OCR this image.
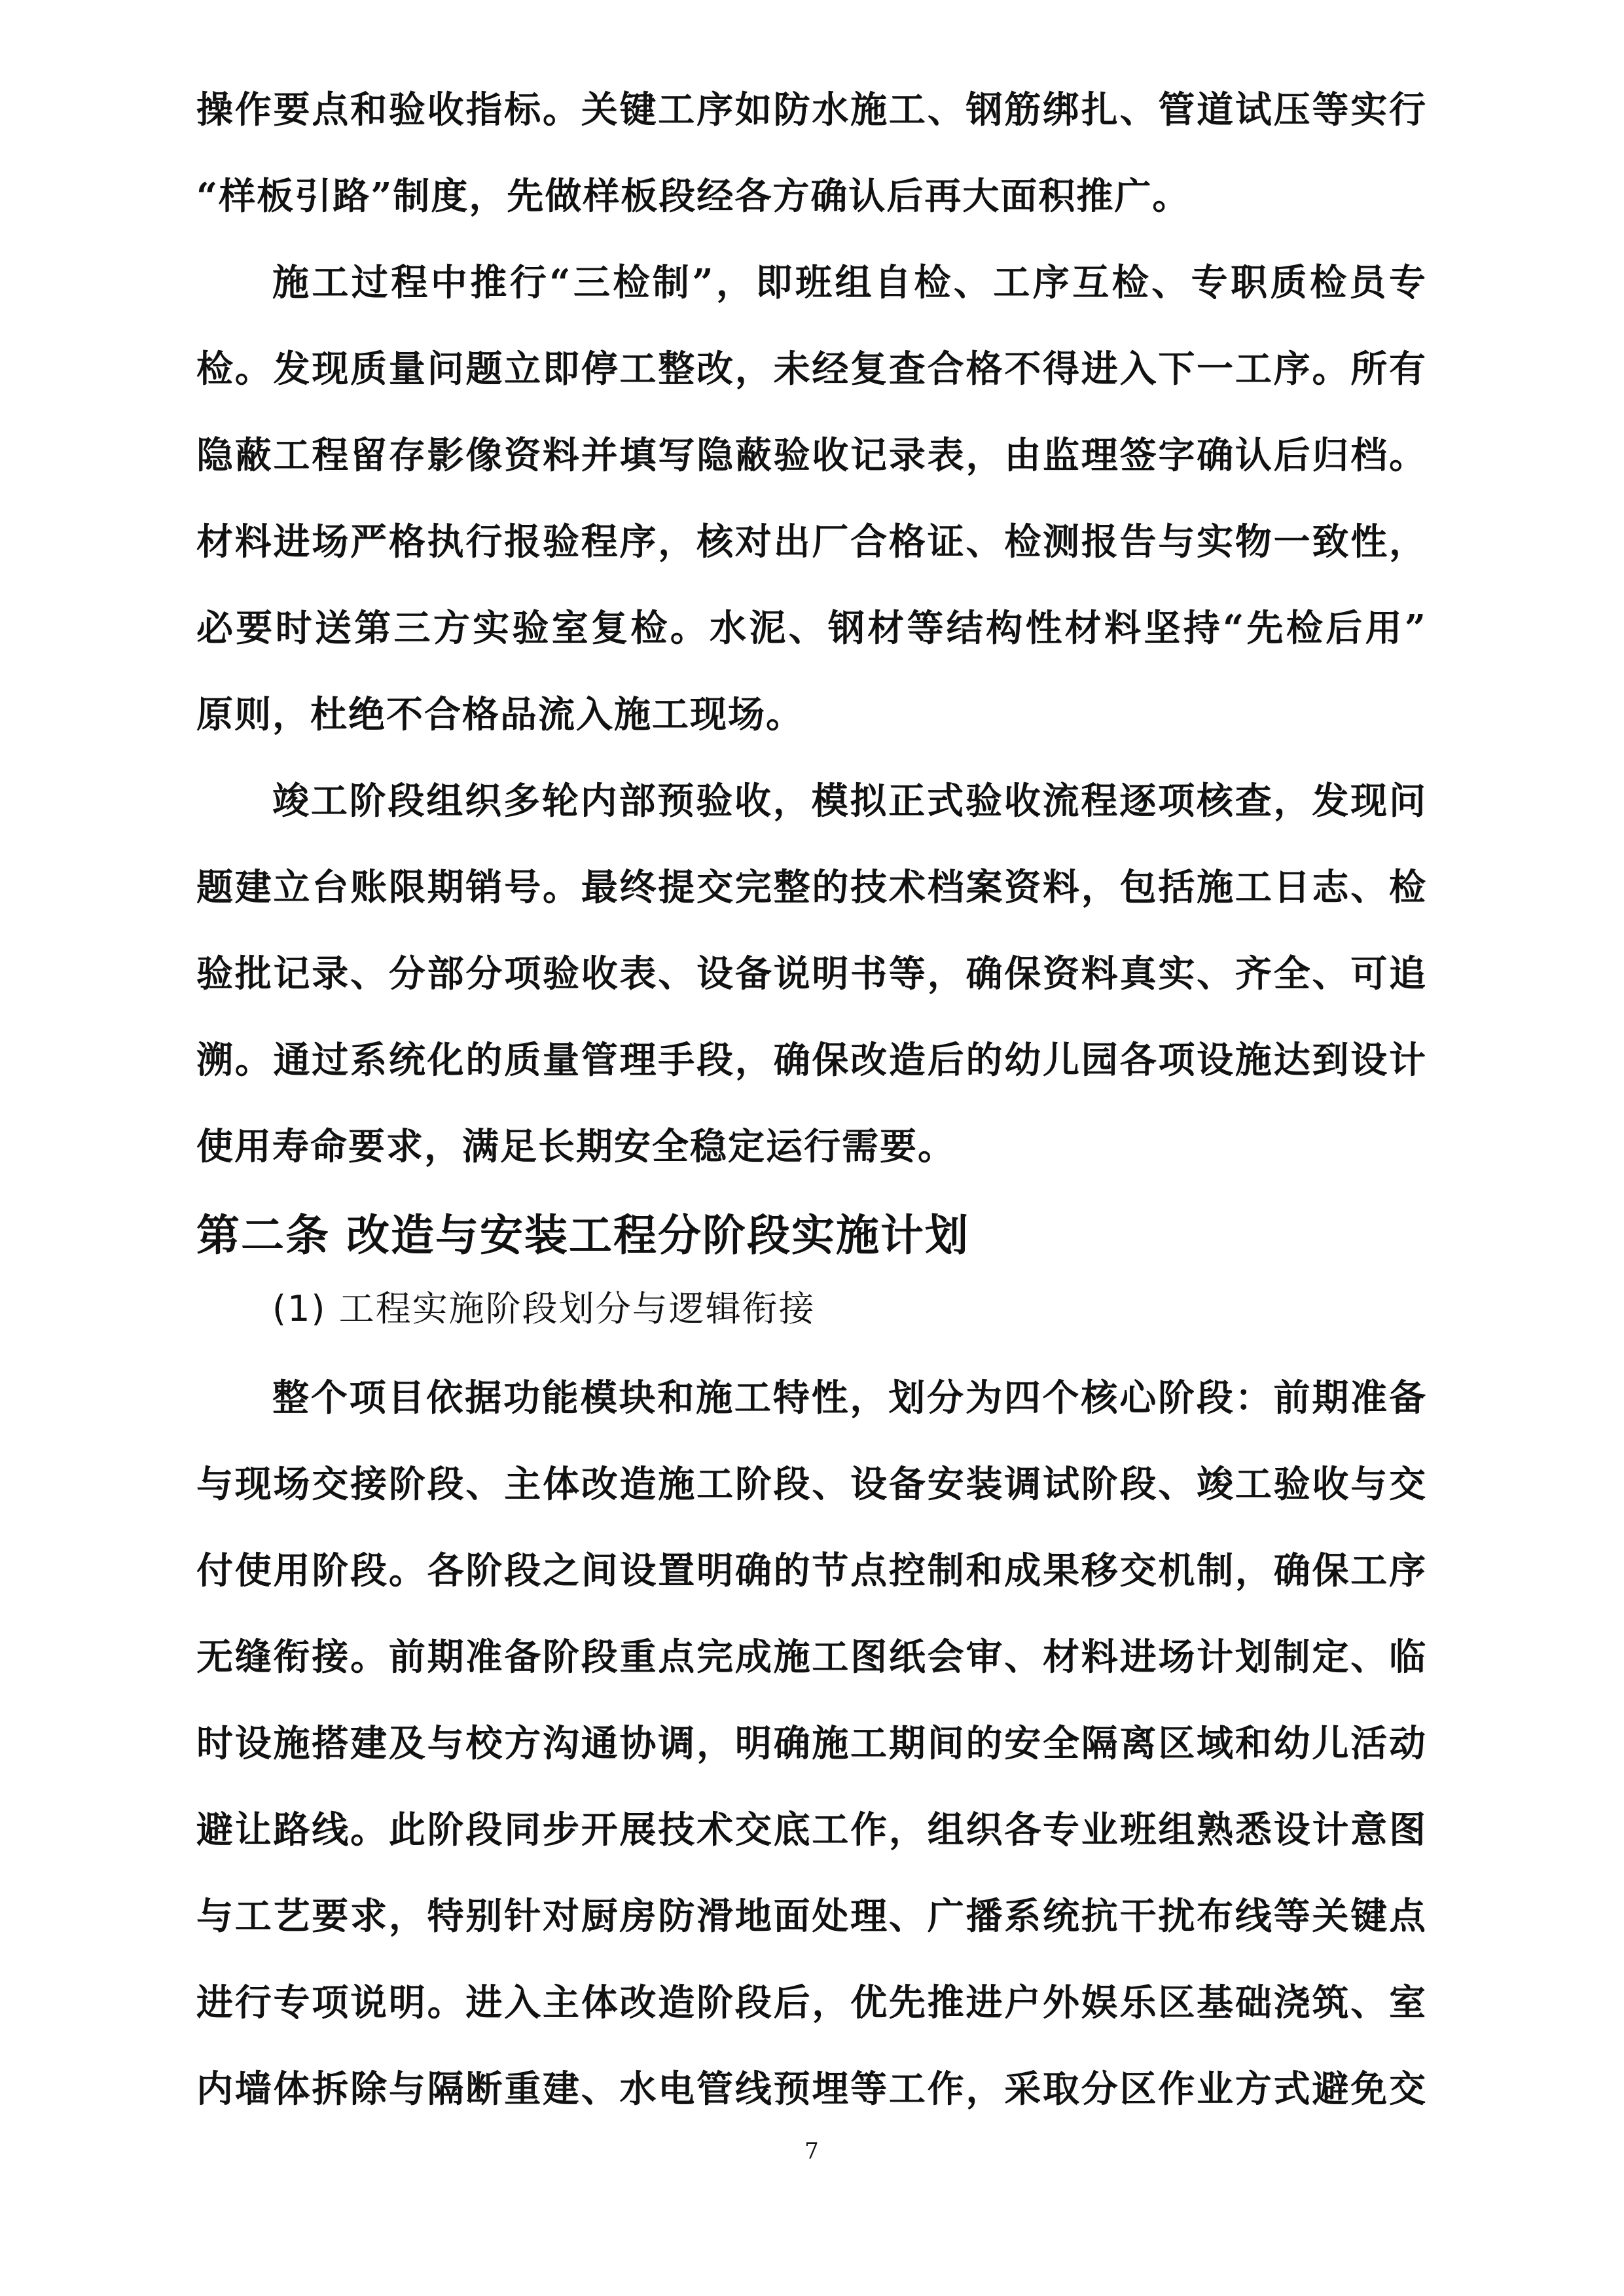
操作要点和验收指标。关键工序如防水施工、钢筋绑扎、管道试压等实行
“样板引路”制度，先做样板段经各方确认后再大面积推广。
施工过程中推行“三检制”，即班组自检、工序互检、专职质检员专
检。发现质量问题立即停工整改，未经复查合格不得进入下一工序。所有
隐蔽工程留存影像资料并填写隐蔽验收记录表，由监理签字确认后归档。
材料进场严格执行报验程序，核对出厂合格证、检测报告与实物一致性，
必要时送第三方实验室复检。水泥、钢材等结构性材料坚持“先检后用”
原则，杜绝不合格品流入施工现场。
竣工阶段组织多轮内部预验收，模拟正式验收流程逐项核查，发现问
题建立台账限期销号。最终提交完整的技术档案资料，包括施工日志、检
验批记录、分部分项验收表、设备说明书等，确保资料真实、齐全、可追
溯。通过系统化的质量管理手段，确保改造后的幼儿园各项设施达到设计
使用寿命要求，满足长期安全稳定运行需要。
第二条 改造与安装工程分阶段实施计划
(1) 工程实施阶段划分与逻辑衔接
整个项目依据功能模块和施工特性，划分为四个核心阶段：前期准备
与现场交接阶段、主体改造施工阶段、设备安装调试阶段、竣工验收与交
付使用阶段。各阶段之间设置明确的节点控制和成果移交机制，确保工序
无缝衔接。前期准备阶段重点完成施工图纸会审、材料进场计划制定、临
时设施搭建及与校方沟通协调，明确施工期间的安全隔离区域和幼儿活动
避让路线。此阶段同步开展技术交底工作，组织各专业班组熟悉设计意图
与工艺要求，特别针对厨房防滑地面处理、广播系统抗干扰布线等关键点
进行专项说明。进入主体改造阶段后，优先推进户外娱乐区基础浇筑、室
内墙体拆除与隔断重建、水电管线预埋等工作，采取分区作业方式避免交
7
